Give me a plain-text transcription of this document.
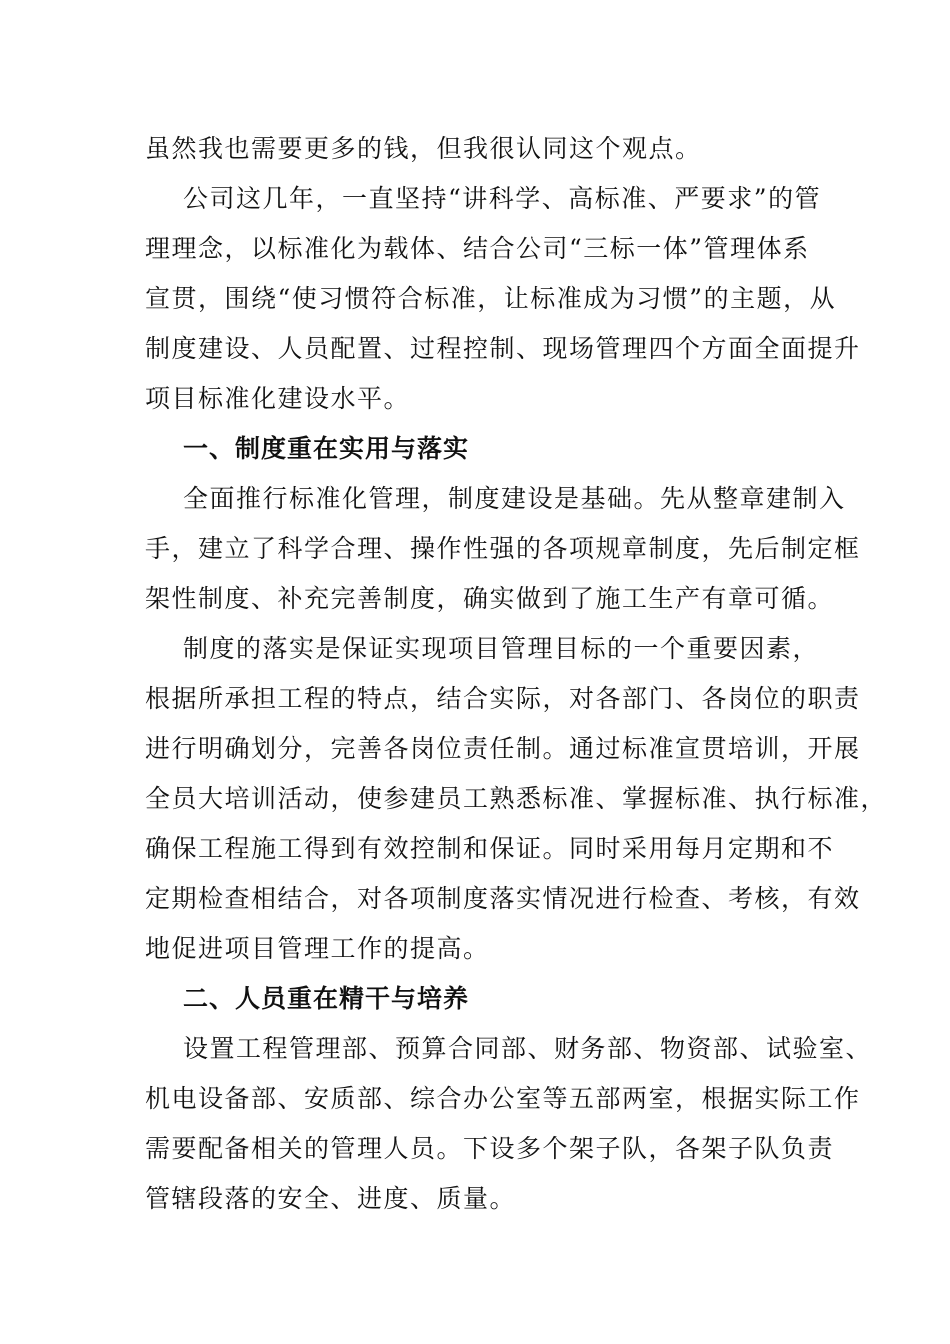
虽然我也需要更多的钱，但我很认同这个观点。

公司这几年，一直坚持“讲科学、高标准、严要求”的管

理理念，以标准化为载体、结合公司“三标一体”管理体系

宣贯，围绕“使习惯符合标准，让标准成为习惯”的主题，从

制度建设、人员配置、过程控制、现场管理四个方面全面提升

项目标准化建设水平。

一、制度重在实用与落实

全面推行标准化管理，制度建设是基础。先从整章建制入

手，建立了科学合理、操作性强的各项规章制度，先后制定框

架性制度、补充完善制度，确实做到了施工生产有章可循。

制度的落实是保证实现项目管理目标的一个重要因素，

根据所承担工程的特点，结合实际，对各部门、各岗位的职责

进行明确划分，完善各岗位责任制。通过标准宣贯培训，开展

全员大培训活动，使参建员工熟悉标准、掌握标准、执行标准，

确保工程施工得到有效控制和保证。同时采用每月定期和不

定期检查相结合，对各项制度落实情况进行检查、考核，有效

地促进项目管理工作的提高。

二、人员重在精干与培养

设置工程管理部、预算合同部、财务部、物资部、试验室、

机电设备部、安质部、综合办公室等五部两室，根据实际工作

需要配备相关的管理人员。下设多个架子队，各架子队负责

管辖段落的安全、进度、质量。
